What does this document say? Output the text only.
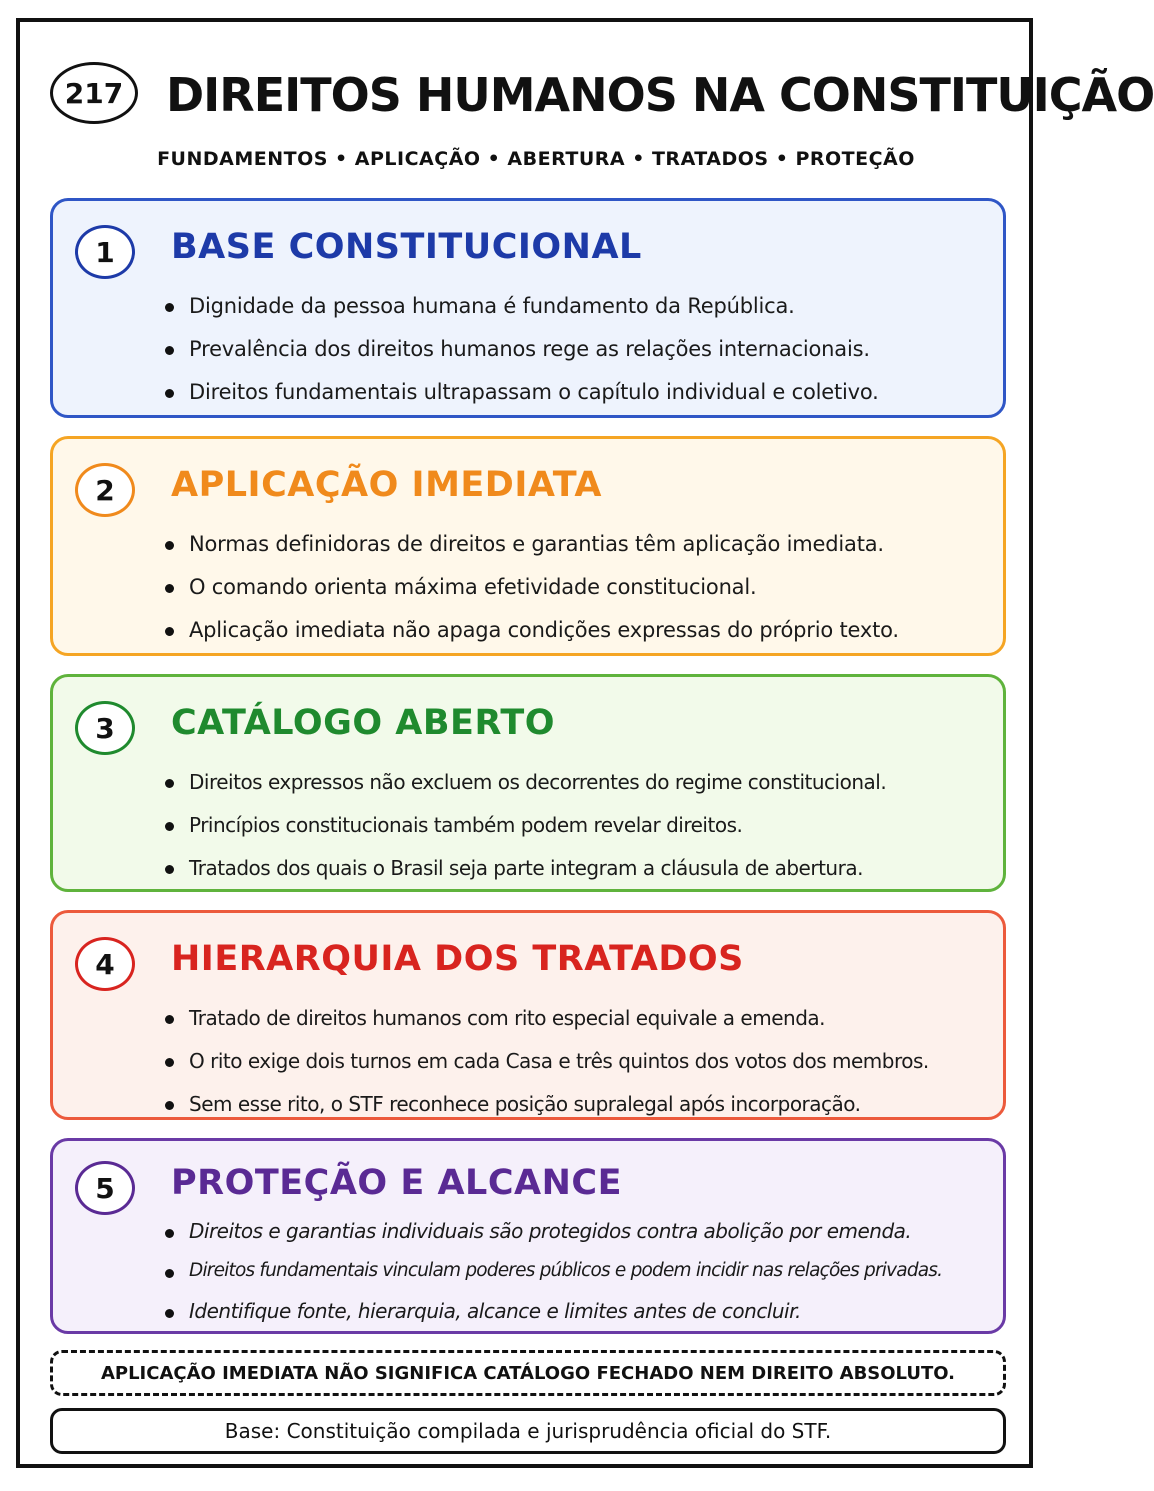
217 DIREITOS HUMANOS NA CONSTITUIÇÃO
FUNDAMENTOS • APLICAÇÃO • ABERTURA • TRATADOS • PROTEÇÃO
1	BASE CONSTITUCIONAL
Dignidade da pessoa humana é fundamento da República.
Prevalência dos direitos humanos rege as relações internacionais.
Direitos fundamentais ultrapassam o capítulo individual e coletivo.
2	APLICAÇÃO IMEDIATA
Normas definidoras de direitos e garantias têm aplicação imediata.
O comando orienta máxima efetividade constitucional.
Aplicação imediata não apaga condições expressas do próprio texto.
3	CATÁLOGO ABERTO
Direitos expressos não excluem os decorrentes do regime constitucional.
Princípios constitucionais também podem revelar direitos.
Tratados dos quais o Brasil seja parte integram a cláusula de abertura.
4	HIERARQUIA DOS TRATADOS
Tratado de direitos humanos com rito especial equivale a emenda.
O rito exige dois turnos em cada Casa e três quintos dos votos dos membros.
Sem esse rito, o STF reconhece posição supralegal após incorporação.
5	PROTEÇÃO E ALCANCE
Direitos e garantias individuais são protegidos contra abolição por emenda.
Direitos fundamentais vinculam poderes públicos e podem incidir nas relações privadas.
Identifique fonte, hierarquia, alcance e limites antes de concluir.
APLICAÇÃO IMEDIATA NÃO SIGNIFICA CATÁLOGO FECHADO NEM DIREITO ABSOLUTO.
Base: Constituição compilada e jurisprudência oficial do STF.
